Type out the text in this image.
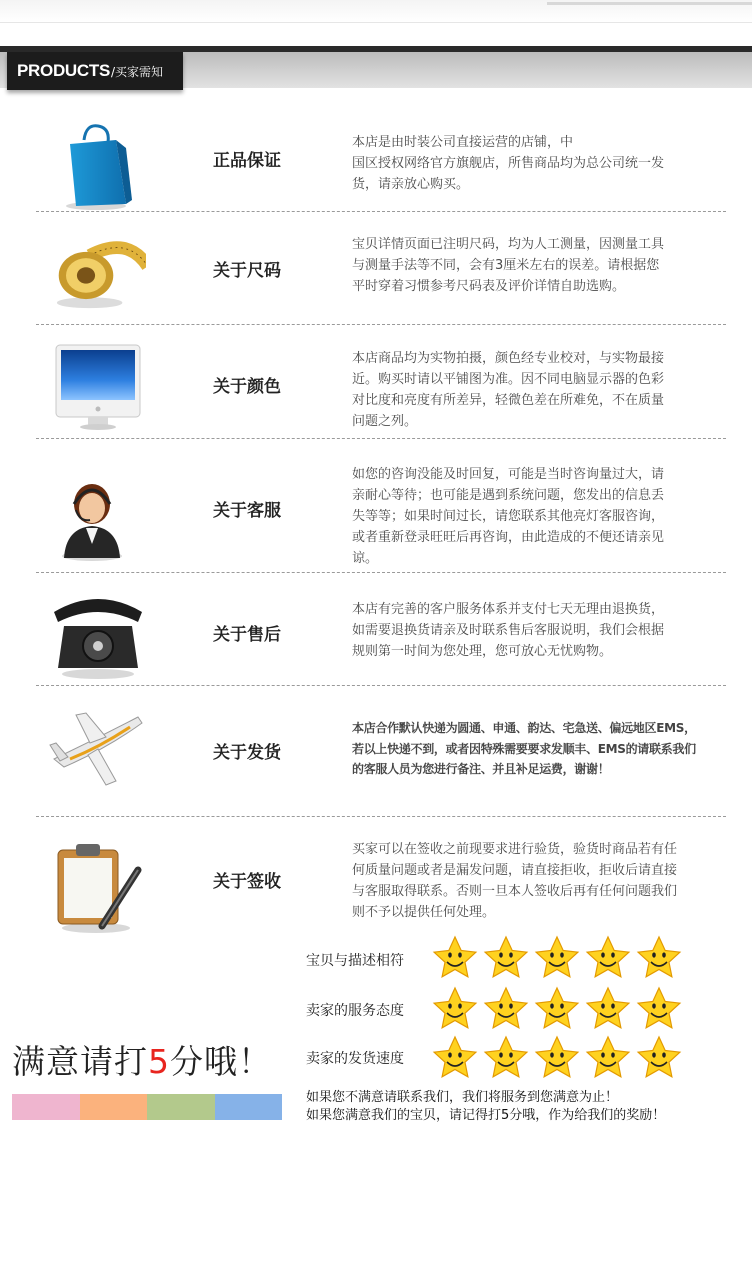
PRODUCTS /买家需知
正品保证
本店是由时装公司直接运营的店铺，中
国区授权网络官方旗舰店，所售商品均为总公司统一发
货，请亲放心购买。
关于尺码
宝贝详情页面已注明尺码，均为人工测量，因测量工具
与测量手法等不同，会有3厘米左右的误差。请根据您
平时穿着习惯参考尺码表及评价详情自助选购。
关于颜色
本店商品均为实物拍摄，颜色经专业校对，与实物最接
近。购买时请以平铺图为准。因不同电脑显示器的色彩
对比度和亮度有所差异，轻微色差在所难免，不在质量
问题之列。
关于客服
如您的咨询没能及时回复，可能是当时咨询量过大，请
亲耐心等待；也可能是遇到系统问题，您发出的信息丢
失等等；如果时间过长，请您联系其他亮灯客服咨询，
或者重新登录旺旺后再咨询，由此造成的不便还请亲见
谅。
关于售后
本店有完善的客户服务体系并支付七天无理由退换货，
如需要退换货请亲及时联系售后客服说明，我们会根据
规则第一时间为您处理，您可放心无忧购物。
关于发货
本店合作默认快递为圆通、申通、韵达、宅急送、偏远地区EMS，
若以上快递不到，或者因特殊需要要求发顺丰、EMS的请联系我们
的客服人员为您进行备注、并且补足运费，谢谢！
关于签收
买家可以在签收之前现要求进行验货，验货时商品若有任
何质量问题或者是漏发问题，请直接拒收，拒收后请直接
与客服取得联系。否则一旦本人签收后再有任何问题我们
则不予以提供任何处理。
宝贝与描述相符
卖家的服务态度
卖家的发货速度
满意请打5分哦！
如果您不满意请联系我们，我们将服务到您满意为止！
如果您满意我们的宝贝，请记得打5分哦，作为给我们的奖励！
